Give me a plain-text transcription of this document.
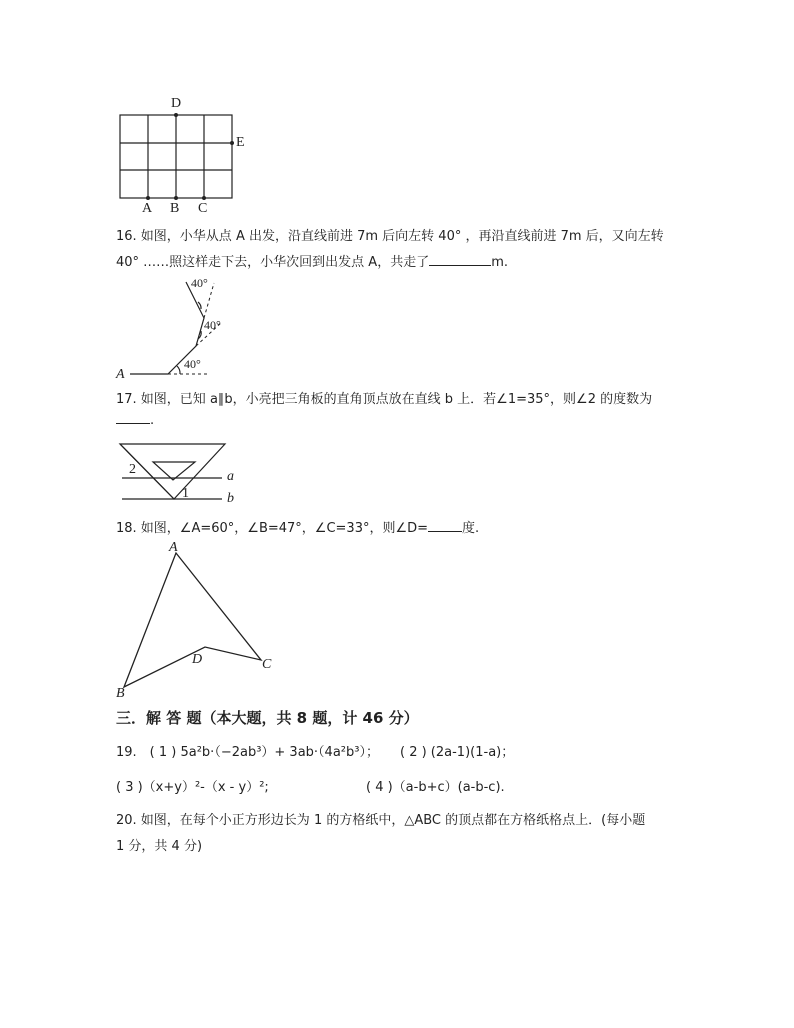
D
E
A B C
16. 如图，小华从点 A 出发，沿直线前进 7m 后向左转 40° ，再沿直线前进 7m 后，又向左转
40° ……照这样走下去，小华次回到出发点 A，共走了	m.
40°
40°
40°
A
17. 如图，已知 a∥b，小亮把三角板的直角顶点放在直线 b 上．若∠1=35°，则∠2 的度数为
.
2
1
a
b
18. 如图，∠A=60°，∠B=47°，∠C=33°，则∠D=	度.
A
B
C
D
三．解 答 题（本大题，共 8 题，计 46 分）
19.　( 1 ) 5a²b·（−2ab³）+ 3ab·（4a²b³）； ( 2 ) (2a-1)(1-a)；
( 3 )（x+y）²-（x - y）²;	( 4 )（a-b+c）(a-b-c).
20. 如图，在每个小正方形边长为 1 的方格纸中，△ABC 的顶点都在方格纸格点上．(每小题
1 分，共 4 分)
